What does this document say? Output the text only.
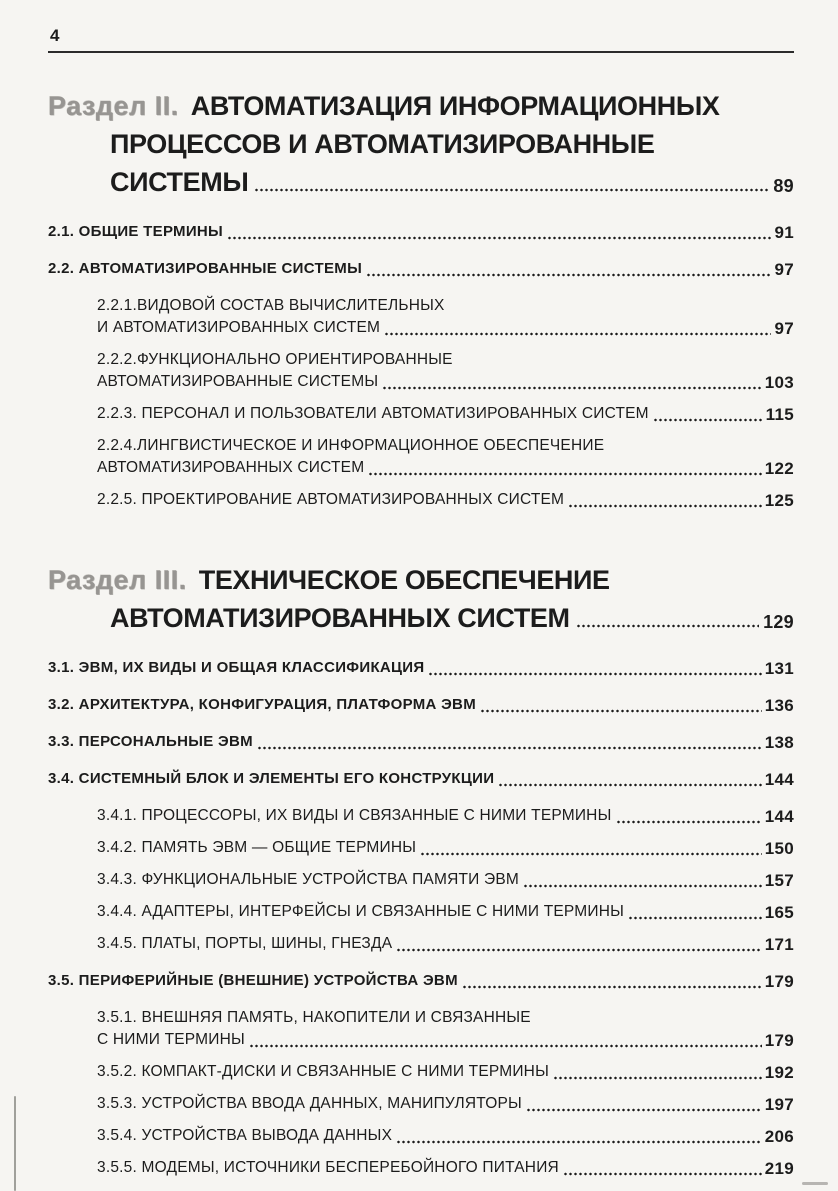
4
Раздел II. АВТОМАТИЗАЦИЯ ИНФОРМАЦИОННЫХ
ПРОЦЕССОВ И АВТОМАТИЗИРОВАННЫЕ
СИСТЕМЫ	89
2.1. ОБЩИЕ ТЕРМИНЫ	91
2.2. АВТОМАТИЗИРОВАННЫЕ СИСТЕМЫ	97
2.2.1.ВИДОВОЙ СОСТАВ ВЫЧИСЛИТЕЛЬНЫХ
И АВТОМАТИЗИРОВАННЫХ СИСТЕМ	97
2.2.2.ФУНКЦИОНАЛЬНО ОРИЕНТИРОВАННЫЕ
АВТОМАТИЗИРОВАННЫЕ СИСТЕМЫ	103
2.2.3. ПЕРСОНАЛ И ПОЛЬЗОВАТЕЛИ АВТОМАТИЗИРОВАННЫХ СИСТЕМ	115
2.2.4.ЛИНГВИСТИЧЕСКОЕ И ИНФОРМАЦИОННОЕ ОБЕСПЕЧЕНИЕ
АВТОМАТИЗИРОВАННЫХ СИСТЕМ	122
2.2.5. ПРОЕКТИРОВАНИЕ АВТОМАТИЗИРОВАННЫХ СИСТЕМ	125
Раздел III. ТЕХНИЧЕСКОЕ ОБЕСПЕЧЕНИЕ
АВТОМАТИЗИРОВАННЫХ СИСТЕМ	129
3.1. ЭВМ, ИХ ВИДЫ И ОБЩАЯ КЛАССИФИКАЦИЯ	131
3.2. АРХИТЕКТУРА, КОНФИГУРАЦИЯ, ПЛАТФОРМА ЭВМ	136
3.3. ПЕРСОНАЛЬНЫЕ ЭВМ	138
3.4. СИСТЕМНЫЙ БЛОК И ЭЛЕМЕНТЫ ЕГО КОНСТРУКЦИИ	144
3.4.1. ПРОЦЕССОРЫ, ИХ ВИДЫ И СВЯЗАННЫЕ С НИМИ ТЕРМИНЫ	144
3.4.2. ПАМЯТЬ ЭВМ — ОБЩИЕ ТЕРМИНЫ	150
3.4.3. ФУНКЦИОНАЛЬНЫЕ УСТРОЙСТВА ПАМЯТИ ЭВМ	157
3.4.4. АДАПТЕРЫ, ИНТЕРФЕЙСЫ И СВЯЗАННЫЕ С НИМИ ТЕРМИНЫ	165
3.4.5. ПЛАТЫ, ПОРТЫ, ШИНЫ, ГНЕЗДА	171
3.5. ПЕРИФЕРИЙНЫЕ (ВНЕШНИЕ) УСТРОЙСТВА ЭВМ	179
3.5.1. ВНЕШНЯЯ ПАМЯТЬ, НАКОПИТЕЛИ И СВЯЗАННЫЕ
С НИМИ ТЕРМИНЫ	179
3.5.2. КОМПАКТ-ДИСКИ И СВЯЗАННЫЕ С НИМИ ТЕРМИНЫ	192
3.5.3. УСТРОЙСТВА ВВОДА ДАННЫХ, МАНИПУЛЯТОРЫ	197
3.5.4. УСТРОЙСТВА ВЫВОДА ДАННЫХ	206
3.5.5. МОДЕМЫ, ИСТОЧНИКИ БЕСПЕРЕБОЙНОГО ПИТАНИЯ	219
